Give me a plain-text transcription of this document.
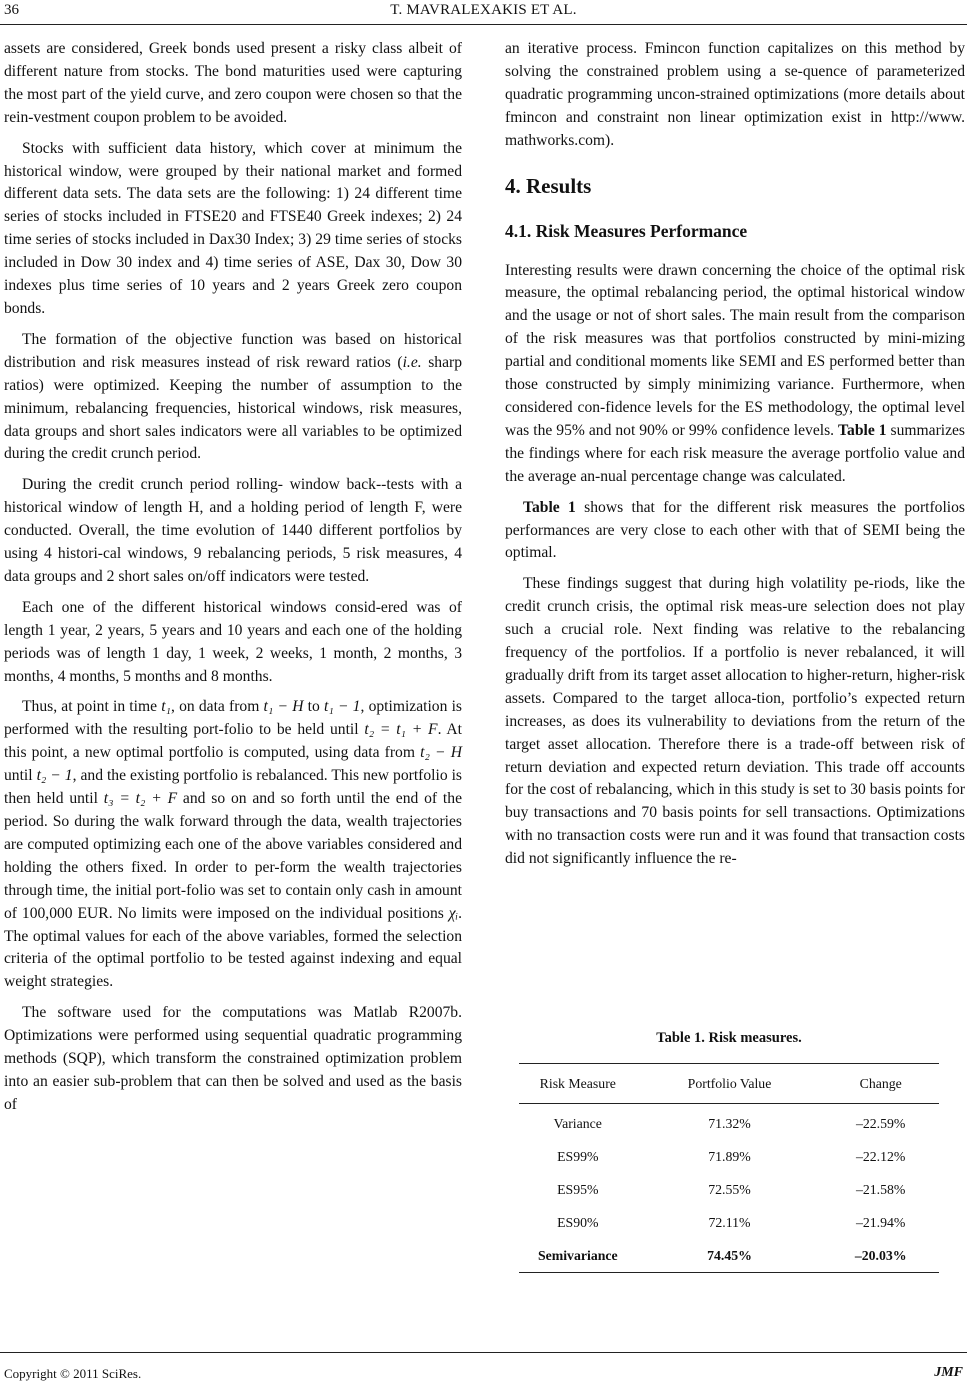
36	T. MAVRALEXAKIS ET AL.

assets are considered, Greek bonds used present a risky class albeit of different nature from stocks. The bond maturities used were capturing the most part of the yield curve, and zero coupon were chosen so that the rein-vestment coupon problem to be avoided.

Stocks with sufficient data history, which cover at minimum the historical window, were grouped by their national market and formed different data sets. The data sets are the following: 1) 24 different time series of stocks included in FTSE20 and FTSE40 Greek indexes; 2) 24 time series of stocks included in Dax30 Index; 3) 29 time series of stocks included in Dow 30 index and 4) time series of ASE, Dax 30, Dow 30 indexes plus time series of 10 years and 2 years Greek zero coupon bonds.

The formation of the objective function was based on historical distribution and risk measures instead of risk reward ratios (i.e. sharp ratios) were optimized. Keeping the number of assumption to the minimum, rebalancing frequencies, historical windows, risk measures, data groups and short sales indicators were all variables to be optimized during the credit crunch period.

During the credit crunch period rolling- window back--tests with a historical window of length H, and a holding period of length F, were conducted. Overall, the time evolution of 1440 different portfolios by using 4 histori-cal windows, 9 rebalancing periods, 5 risk measures, 4 data groups and 2 short sales on/off indicators were tested.

Each one of the different historical windows consid-ered was of length 1 year, 2 years, 5 years and 10 years and each one of the holding periods was of length 1 day, 1 week, 2 weeks, 1 month, 2 months, 3 months, 4 months, 5 months and 8 months.

Thus, at point in time t₁, on data from t₁ − H to t₁ − 1, optimization is performed with the resulting port-folio to be held until t₂ = t₁ + F. At this point, a new optimal portfolio is computed, using data from t₂ − H until t₂ − 1, and the existing portfolio is rebalanced. This new portfolio is then held until t₃ = t₂ + F and so on and so forth until the end of the period. So during the walk forward through the data, wealth trajectories are computed optimizing each one of the above variables considered and holding the others fixed. In order to per-form the wealth trajectories through time, the initial port-folio was set to contain only cash in amount of 100,000 EUR. No limits were imposed on the individual positions χᵢ. The optimal values for each of the above variables, formed the selection criteria of the optimal portfolio to be tested against indexing and equal weight strategies.

The software used for the computations was Matlab R2007b. Optimizations were performed using sequential quadratic programming methods (SQP), which transform the constrained optimization problem into an easier sub-problem that can then be solved and used as the basis of

an iterative process. Fmincon function capitalizes on this method by solving the constrained problem using a se-quence of parameterized quadratic programming uncon-strained optimizations (more details about fmincon and constraint non linear optimization exist in http://www. mathworks.com).

4. Results
4.1. Risk Measures Performance

Interesting results were drawn concerning the choice of the optimal risk measure, the optimal rebalancing period, the optimal historical window and the usage or not of short sales. The main result from the comparison of the risk measures was that portfolios constructed by mini-mizing partial and conditional moments like SEMI and ES performed better than those constructed by simply minimizing variance. Furthermore, when considered con-fidence levels for the ES methodology, the optimal level was the 95% and not 90% or 99% confidence levels. Table 1 summarizes the findings where for each risk measure the average portfolio value and the average an-nual percentage change was calculated.

Table 1 shows that for the different risk measures the portfolios performances are very close to each other with that of SEMI being the optimal.

These findings suggest that during high volatility pe-riods, like the credit crunch crisis, the optimal risk meas-ure selection does not play such a crucial role. Next finding was relative to the rebalancing frequency of the portfolios. If a portfolio is never rebalanced, it will gradually drift from its target asset allocation to higher-return, higher-risk assets. Compared to the target alloca-tion, portfolio’s expected return increases, as does its vulnerability to deviations from the return of the target asset allocation. Therefore there is a trade-off between risk of return deviation and expected return deviation. This trade off accounts for the cost of rebalancing, which in this study is set to 30 basis points for buy transactions and 70 basis points for sell transactions. Optimizations with no transaction costs were run and it was found that transaction costs did not significantly influence the re-

Table 1. Risk measures.
Risk Measure	Portfolio Value	Change
Variance	71.32%	–22.59%
ES99%	71.89%	–22.12%
ES95%	72.55%	–21.58%
ES90%	72.11%	–21.94%
Semivariance	74.45%	–20.03%
Copyright © 2011 SciRes.	JMF
